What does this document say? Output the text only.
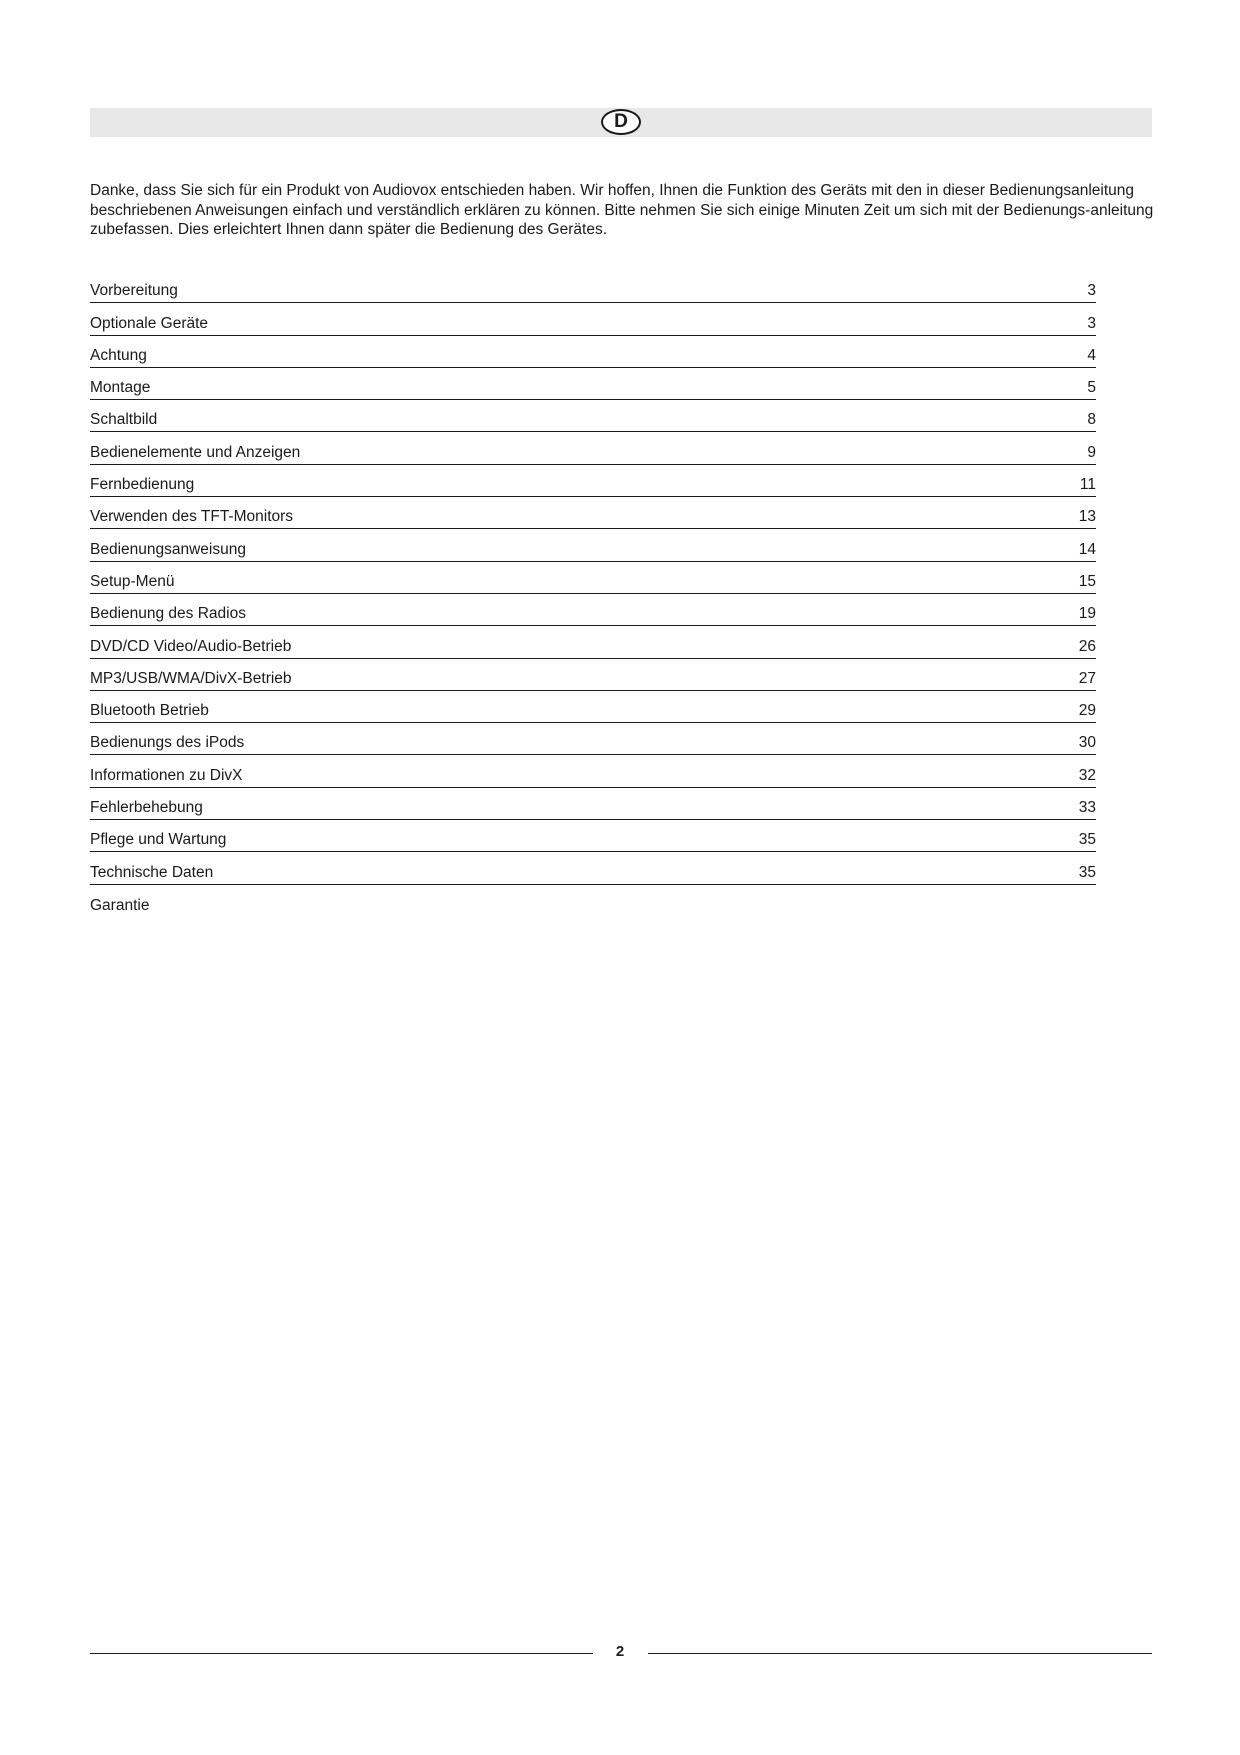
D

Danke, dass Sie sich für ein Produkt von Audiovox entschieden haben. Wir hoffen, Ihnen die Funktion des Geräts mit den in dieser Bedienungsanleitung beschriebenen Anweisungen einfach und verständlich erklären zu können. Bitte nehmen Sie sich einige Minuten Zeit um sich mit der Bedienungs-anleitung zubefassen. Dies erleichtert Ihnen dann später die Bedienung des Gerätes.

Vorbereitung	3
Optionale Geräte	3
Achtung	4
Montage	5
Schaltbild	8
Bedienelemente und Anzeigen	9
Fernbedienung	11
Verwenden des TFT-Monitors	13
Bedienungsanweisung	14
Setup-Menü	15
Bedienung des Radios	19
DVD/CD Video/Audio-Betrieb	26
MP3/USB/WMA/DivX-Betrieb	27
Bluetooth Betrieb	29
Bedienungs des iPods	30
Informationen zu DivX	32
Fehlerbehebung	33
Pflege und Wartung	35
Technische Daten	35
Garantie
2
